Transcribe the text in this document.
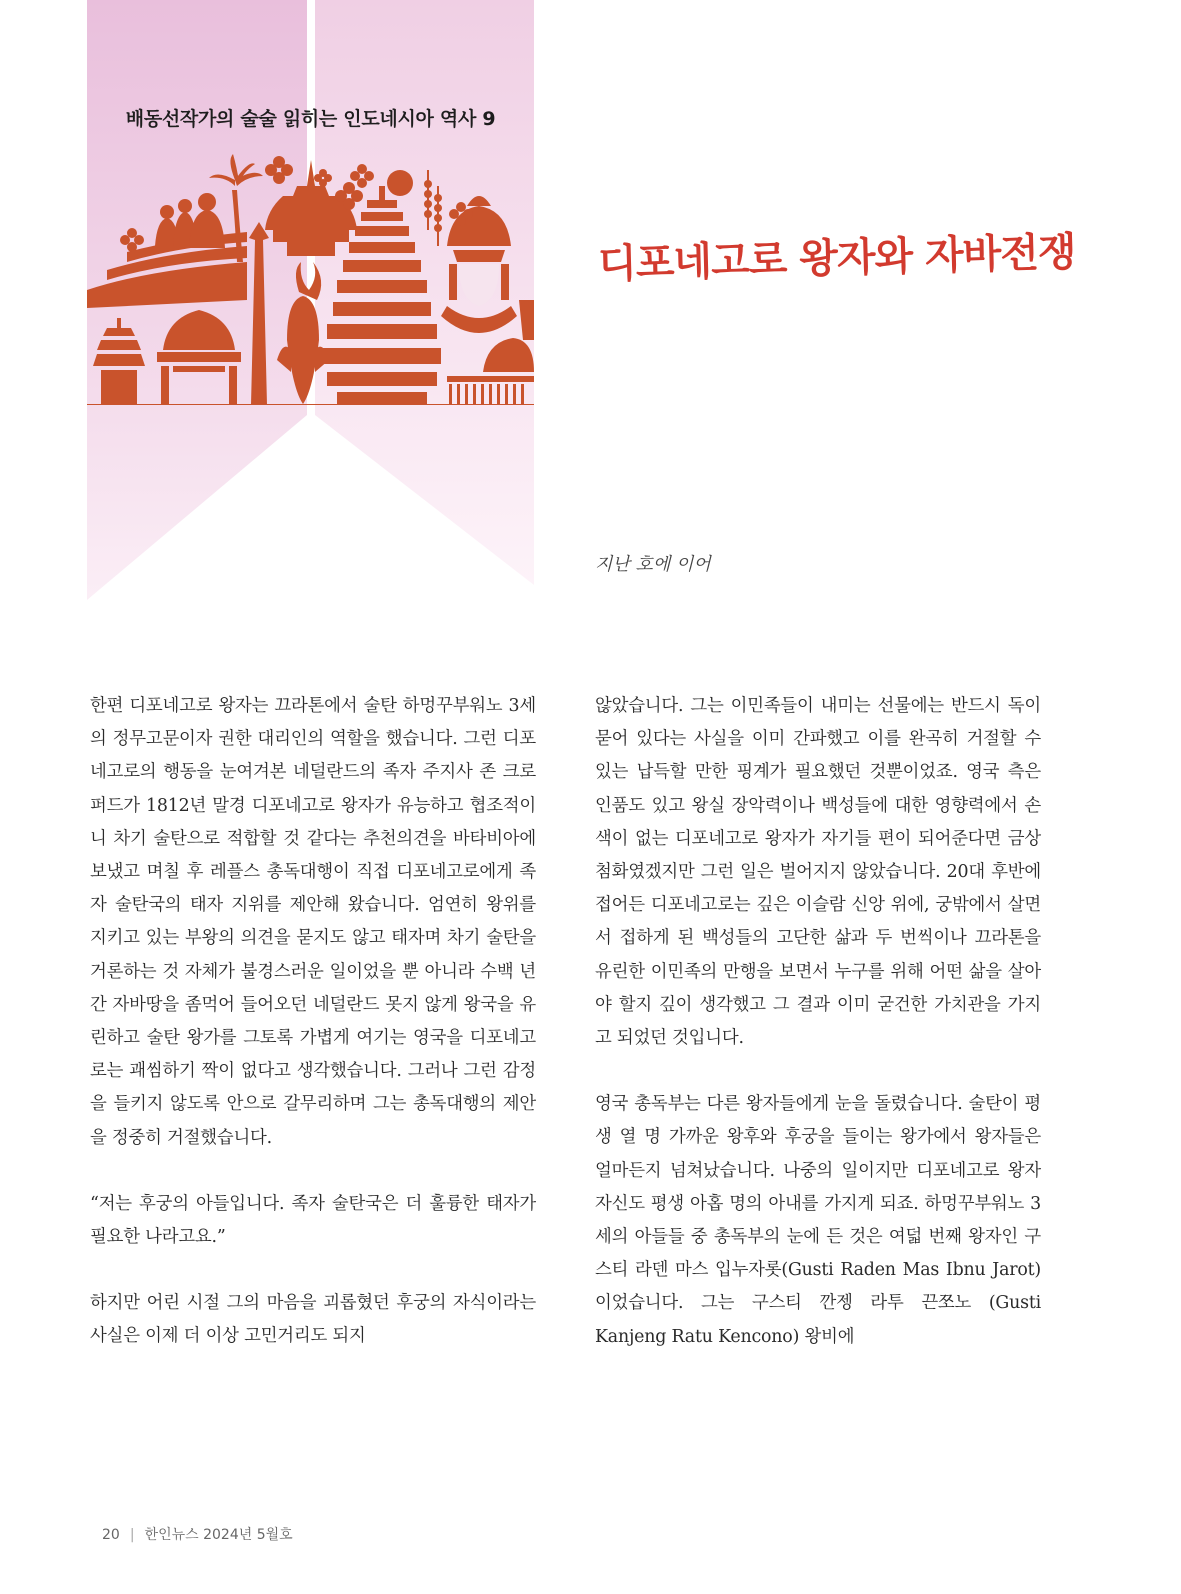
배동선작가의 술술 읽히는 인도네시아 역사 9
디포네고로 왕자와 자바전쟁
지난 호에 이어

한편 디포네고로 왕자는 끄라톤에서 술탄 하멍꾸부워노 3세의 정무고문이자 권한 대리인의 역할을 했습니다. 그런 디포네고로의 행동을 눈여겨본 네덜란드의 족자 주지사 존 크로퍼드가 1812년 말경 디포네고로 왕자가 유능하고 협조적이니 차기 술탄으로 적합할 것 같다는 추천의견을 바타비아에 보냈고 며칠 후 레플스 총독대행이 직접 디포네고로에게 족자 술탄국의 태자 지위를 제안해 왔습니다. 엄연히 왕위를 지키고 있는 부왕의 의견을 묻지도 않고 태자며 차기 술탄을 거론하는 것 자체가 불경스러운 일이었을 뿐 아니라 수백 년간 자바땅을 좀먹어 들어오던 네덜란드 못지 않게 왕국을 유린하고 술탄 왕가를 그토록 가볍게 여기는 영국을 디포네고로는 괘씸하기 짝이 없다고 생각했습니다. 그러나 그런 감정을 들키지 않도록 안으로 갈무리하며 그는 총독대행의 제안을 정중히 거절했습니다.

“저는 후궁의 아들입니다. 족자 술탄국은 더 훌륭한 태자가 필요한 나라고요.”

하지만 어린 시절 그의 마음을 괴롭혔던 후궁의 자식이라는 사실은 이제 더 이상 고민거리도 되지

않았습니다. 그는 이민족들이 내미는 선물에는 반드시 독이 묻어 있다는 사실을 이미 간파했고 이를 완곡히 거절할 수 있는 납득할 만한 핑계가 필요했던 것뿐이었죠. 영국 측은 인품도 있고 왕실 장악력이나 백성들에 대한 영향력에서 손색이 없는 디포네고로 왕자가 자기들 편이 되어준다면 금상첨화였겠지만 그런 일은 벌어지지 않았습니다. 20대 후반에 접어든 디포네고로는 깊은 이슬람 신앙 위에, 궁밖에서 살면서 접하게 된 백성들의 고단한 삶과 두 번씩이나 끄라톤을 유린한 이민족의 만행을 보면서 누구를 위해 어떤 삶을 살아야 할지 깊이 생각했고 그 결과 이미 굳건한 가치관을 가지고 되었던 것입니다.

영국 총독부는 다른 왕자들에게 눈을 돌렸습니다. 술탄이 평생 열 명 가까운 왕후와 후궁을 들이는 왕가에서 왕자들은 얼마든지 넘쳐났습니다. 나중의 일이지만 디포네고로 왕자 자신도 평생 아홉 명의 아내를 가지게 되죠. 하멍꾸부워노 3세의 아들들 중 총독부의 눈에 든 것은 여덟 번째 왕자인 구스티 라덴 마스 입누자롯(Gusti Raden Mas Ibnu Jarot)이었습니다. 그는 구스티 깐젱 라투 끈쪼노 (Gusti Kanjeng Ratu Kencono) 왕비에

20 | 한인뉴스 2024년 5월호
